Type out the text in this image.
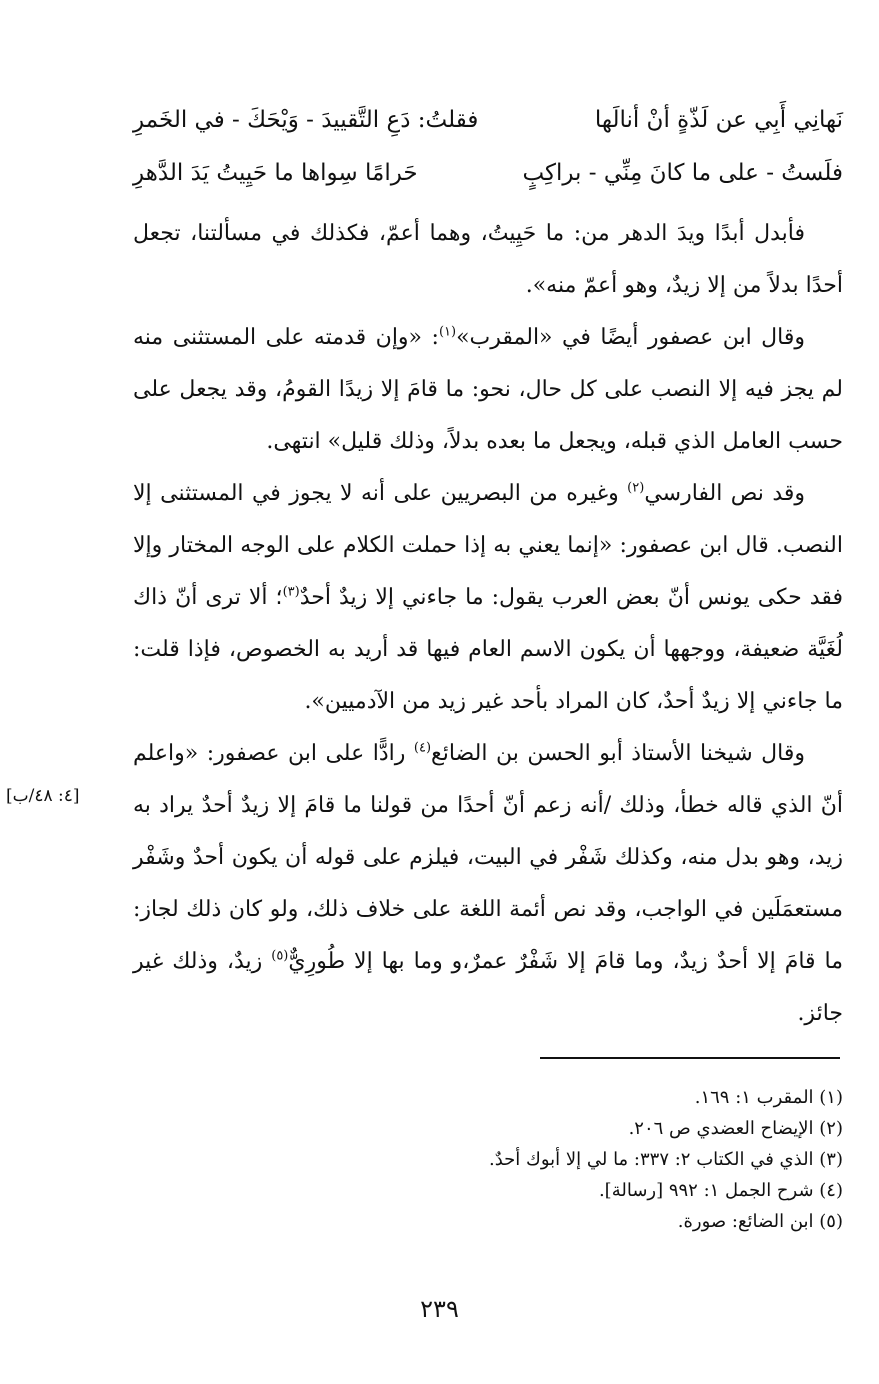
نَهانِي أَبِي عن لَذّةٍ أنْ أنالَها
فقلتُ: دَعِ التَّقييدَ - وَيْحَكَ - في الخَمرِ
فلَستُ - على ما كانَ مِنِّي - براكِبٍ
حَرامًا سِواها ما حَيِيتُ يَدَ الدَّهرِ

فأبدل أبدًا ويدَ الدهر من: ما حَيِيتُ، وهما أعمّ، فكذلك في مسألتنا، تجعل أحدًا بدلاً من إلا زيدٌ، وهو أعمّ منه».

وقال ابن عصفور أيضًا في «المقرب»$^{(١)}$: «وإن قدمته على المستثنى منه لم يجز فيه إلا النصب على كل حال، نحو: ما قامَ إلا زيدًا القومُ، وقد يجعل على حسب العامل الذي قبله، ويجعل ما بعده بدلاً، وذلك قليل» انتهى.

وقد نص الفارسي$^{(٢)}$ وغيره من البصريين على أنه لا يجوز في المستثنى إلا النصب. قال ابن عصفور: «إنما يعني به إذا حملت الكلام على الوجه المختار وإلا فقد حكى يونس أنّ بعض العرب يقول: ما جاءني إلا زيدٌ أحدٌ$^{(٣)}$؛ ألا ترى أنّ ذاك لُغَيَّة ضعيفة، ووجهها أن يكون الاسم العام فيها قد أريد به الخصوص، فإذا قلت: ما جاءني إلا زيدٌ أحدٌ، كان المراد بأحد غير زيد من الآدميين».

وقال شيخنا الأستاذ أبو الحسن بن الضائع$^{(٤)}$ رادًّا على ابن عصفور: «واعلم أنّ الذي قاله خطأ، وذلك /أنه زعم أنّ أحدًا من قولنا ما قامَ إلا زيدٌ أحدٌ يراد به زيد، وهو بدل منه، وكذلك شَفْر في البيت، فيلزم على قوله أن يكون أحدٌ وشَفْر مستعمَلَين في الواجب، وقد نص أئمة اللغة على خلاف ذلك، ولو كان ذلك لجاز: ما قامَ إلا أحدٌ زيدٌ، وما قامَ إلا شَفْرٌ عمرٌ،و وما بها إلا طُورِيٌّ$^{(٥)}$ زيدٌ، وذلك غير جائز.

[٤: ٤٨/ب]

(١) المقرب ١: ١٦٩.

(٢) الإيضاح العضدي ص ٢٠٦.

(٣) الذي في الكتاب ٢: ٣٣٧: ما لي إلا أبوك أحدٌ.

(٤) شرح الجمل ١: ٩٩٢ [رسالة].

(٥) ابن الضائع: صورة.

٢٣٩
